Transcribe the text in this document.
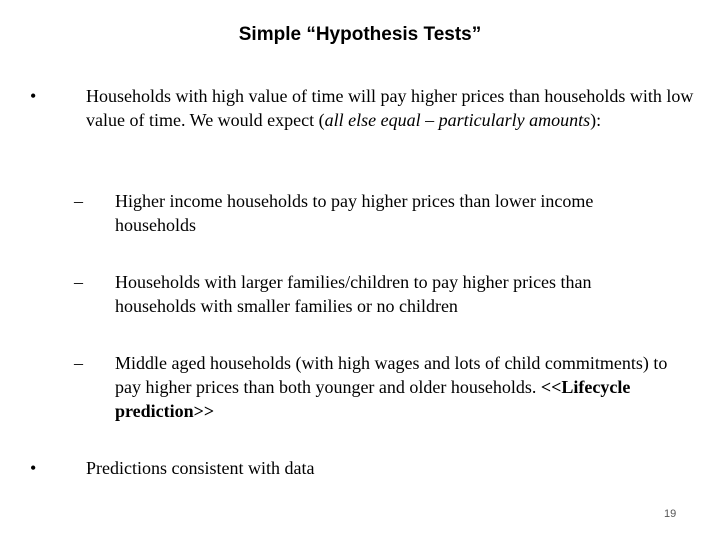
Simple “Hypothesis Tests”
•	Households with high value of time will pay higher prices than households with low value of time. We would expect (all else equal – particularly amounts):
– Higher income households to pay higher prices than lower income households
– Households with larger families/children to pay higher prices than households with smaller families or no children
– Middle aged households (with high wages and lots of child commitments) to pay higher prices than both younger and older households. <<Lifecycle prediction>>
•	Predictions consistent with data
19
